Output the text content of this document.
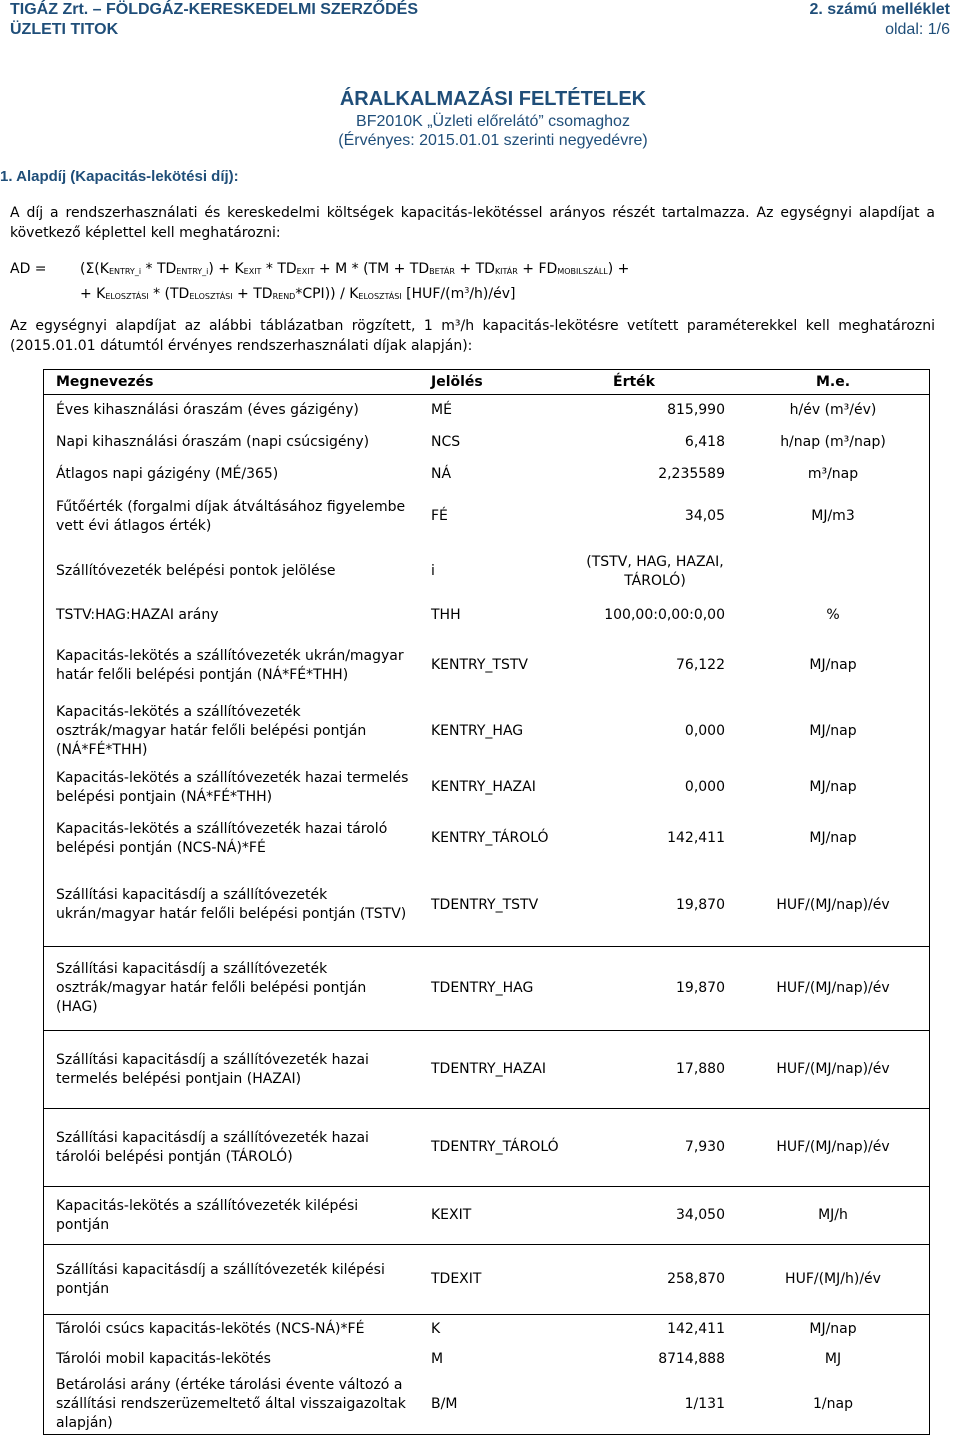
TIGÁZ Zrt. – FÖLDGÁZ-KERESKEDELMI SZERZŐDÉS	2. számú melléklet
ÜZLETI TITOK	oldal: 1/6
ÁRALKALMAZÁSI FELTÉTELEK
BF2010K „Üzleti előrelátó” csomaghoz
(Érvényes: 2015.01.01 szerinti negyedévre)
1. Alapdíj (Kapacitás-lekötési díj):
A díj a rendszerhasználati és kereskedelmi költségek kapacitás-lekötéssel arányos részét tartalmazza. Az egységnyi alapdíjat a következő képlettel kell meghatározni:
AD =	($\Sigma(K_{ENTRY\_i} * TD_{ENTRY\_i}) + K_{EXIT} * TD_{EXIT} + M * (TM + TD_{BETÁR} + TD_{KITÁR} + FD_{MOBILSZÁLL})$ +
+ $K_{ELOSZTÁSI} * (TD_{ELOSZTÁSI} + TD_{REND}*CPI)) / K_{ELOSZTÁSI}$ $[HUF/(m^3/h)/év]$
Az egységnyi alapdíjat az alábbi táblázatban rögzített, 1 m³/h kapacitás-lekötésre vetített paraméterekkel kell meghatározni (2015.01.01 dátumtól érvényes rendszerhasználati díjak alapján):
Megnevezés	Jelölés	Érték	M.e.
Éves kihasználási óraszám (éves gázigény)	MÉ	815,990	h/év (m³/év)
Napi kihasználási óraszám (napi csúcsigény)	NCS	6,418	h/nap (m³/nap)
Átlagos napi gázigény (MÉ/365)	NÁ	2,235589	m³/nap
Fűtőérték (forgalmi díjak átváltásához figyelembe vett évi átlagos érték)	FÉ	34,05	MJ/m3
Szállítóvezeték belépési pontok jelölése	i	(TSTV, HAG, HAZAI, TÁROLÓ)	
TSTV:HAG:HAZAI arány	THH	100,00:0,00:0,00	%
Kapacitás-lekötés a szállítóvezeték ukrán/magyar határ felőli belépési pontján (NÁ*FÉ*THH)	KENTRY_TSTV	76,122	MJ/nap
Kapacitás-lekötés a szállítóvezeték osztrák/magyar határ felőli belépési pontján (NÁ*FÉ*THH)	KENTRY_HAG	0,000	MJ/nap
Kapacitás-lekötés a szállítóvezeték hazai termelés belépési pontjain (NÁ*FÉ*THH)	KENTRY_HAZAI	0,000	MJ/nap
Kapacitás-lekötés a szállítóvezeték hazai tároló belépési pontján (NCS-NÁ)*FÉ	KENTRY_TÁROLÓ	142,411	MJ/nap
Szállítási kapacitásdíj a szállítóvezeték ukrán/magyar határ felőli belépési pontján (TSTV)	TDENTRY_TSTV	19,870	HUF/(MJ/nap)/év
Szállítási kapacitásdíj a szállítóvezeték osztrák/magyar határ felőli belépési pontján (HAG)	TDENTRY_HAG	19,870	HUF/(MJ/nap)/év
Szállítási kapacitásdíj a szállítóvezeték hazai termelés belépési pontjain (HAZAI)	TDENTRY_HAZAI	17,880	HUF/(MJ/nap)/év
Szállítási kapacitásdíj a szállítóvezeték hazai tárolói belépési pontján (TÁROLÓ)	TDENTRY_TÁROLÓ	7,930	HUF/(MJ/nap)/év
Kapacitás-lekötés a szállítóvezeték kilépési pontján	KEXIT	34,050	MJ/h
Szállítási kapacitásdíj a szállítóvezeték kilépési pontján	TDEXIT	258,870	HUF/(MJ/h)/év
Tárolói csúcs kapacitás-lekötés (NCS-NÁ)*FÉ	K	142,411	MJ/nap
Tárolói mobil kapacitás-lekötés	M	8714,888	MJ
Betárolási arány (értéke tárolási évente változó a szállítási rendszerüzemeltető által visszaigazoltak alapján)	B/M	1/131	1/nap
